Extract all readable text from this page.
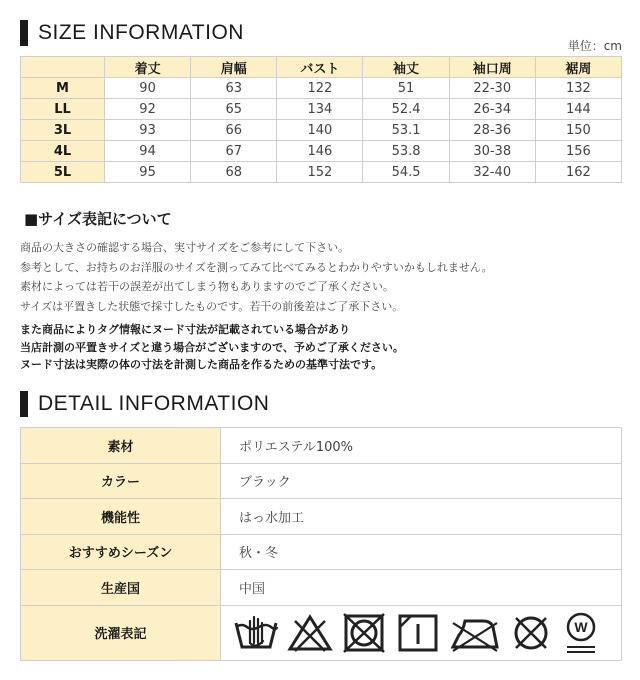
SIZE INFORMATION
単位：cm
	着丈	肩幅	バスト	袖丈	袖口周	裾周
M	90	63	122	51	22-30	132
LL	92	65	134	52.4	26-34	144
3L	93	66	140	53.1	28-36	150
4L	94	67	146	53.8	30-38	156
5L	95	68	152	54.5	32-40	162
■サイズ表記について
商品の大きさの確認する場合、実寸サイズをご参考にして下さい。
参考として、お持ちのお洋服のサイズを測ってみて比べてみるとわかりやすいかもしれません。
素材によっては若干の誤差が出てしまう物もありますのでご了承ください。
サイズは平置きした状態で採寸したものです。若干の前後差はご了承下さい。
また商品によりタグ情報にヌード寸法が記載されている場合があり
当店計測の平置きサイズと違う場合がございますので、予めご了承ください。
ヌード寸法は実際の体の寸法を計測した商品を作るための基準寸法です。
DETAIL INFORMATION
素材	ポリエステル100%
カラー	ブラック
機能性	はっ水加工
おすすめシーズン	秋・冬
生産国	中国
洗濯表記	W
